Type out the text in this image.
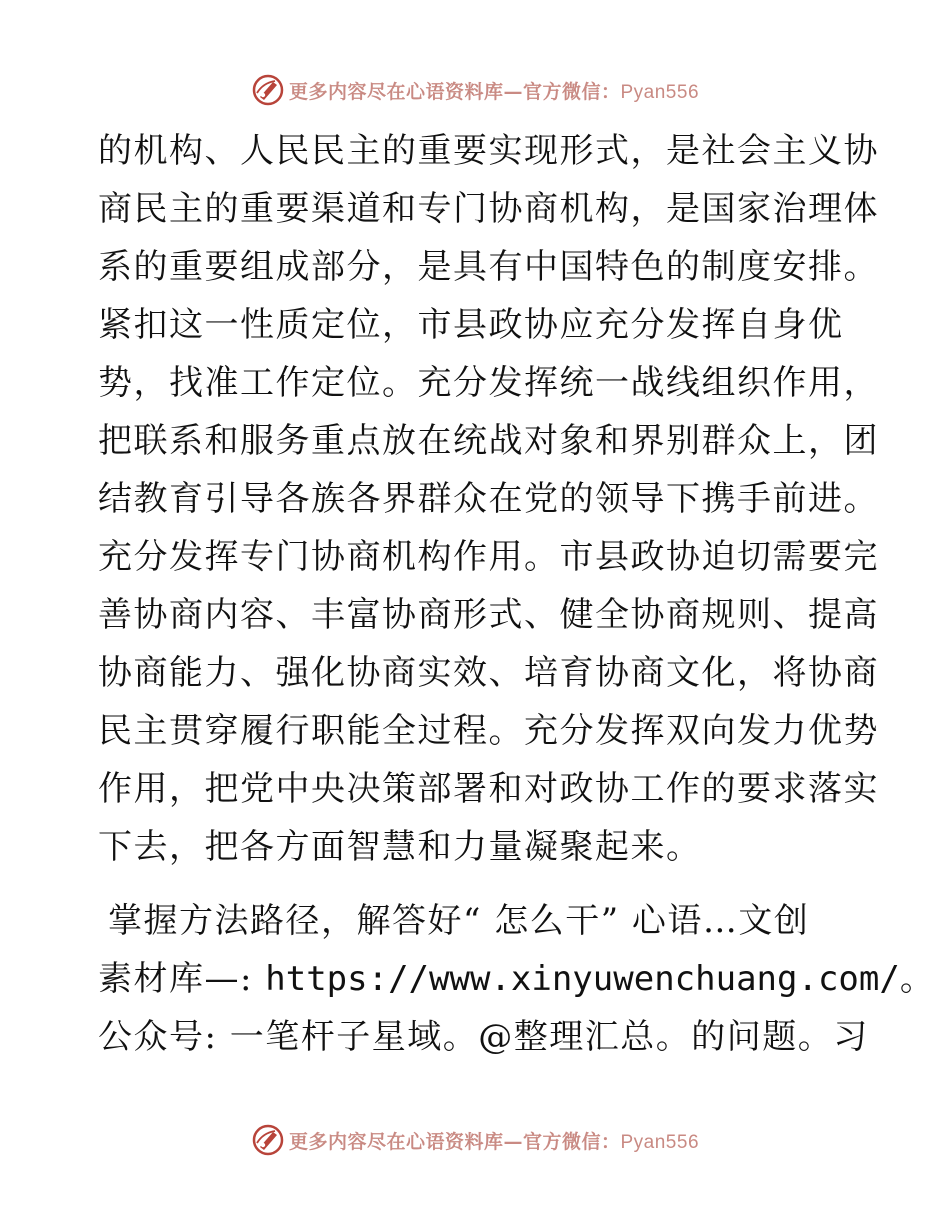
更多内容尽在心语资料库—官方微信：Pyan556
的机构、人民民主的重要实现形式，是社会主义协
商民主的重要渠道和专门协商机构，是国家治理体
系的重要组成部分，是具有中国特色的制度安排。
紧扣这一性质定位，市县政协应充分发挥自身优
势，找准工作定位。充分发挥统一战线组织作用，
把联系和服务重点放在统战对象和界别群众上，团
结教育引导各族各界群众在党的领导下携手前进。
充分发挥专门协商机构作用。市县政协迫切需要完
善协商内容、丰富协商形式、健全协商规则、提高
协商能力、强化协商实效、培育协商文化，将协商
民主贯穿履行职能全过程。充分发挥双向发力优势
作用，把党中央决策部署和对政协工作的要求落实
下去，把各方面智慧和力量凝聚起来。
掌握方法路径，解答好“ 怎么干” 心语…文创
素材库—: https://www.xinyuwenchuang.com/。
公众号: 一笔杆子星域。@整理汇总。的问题。习
更多内容尽在心语资料库—官方微信：Pyan556
